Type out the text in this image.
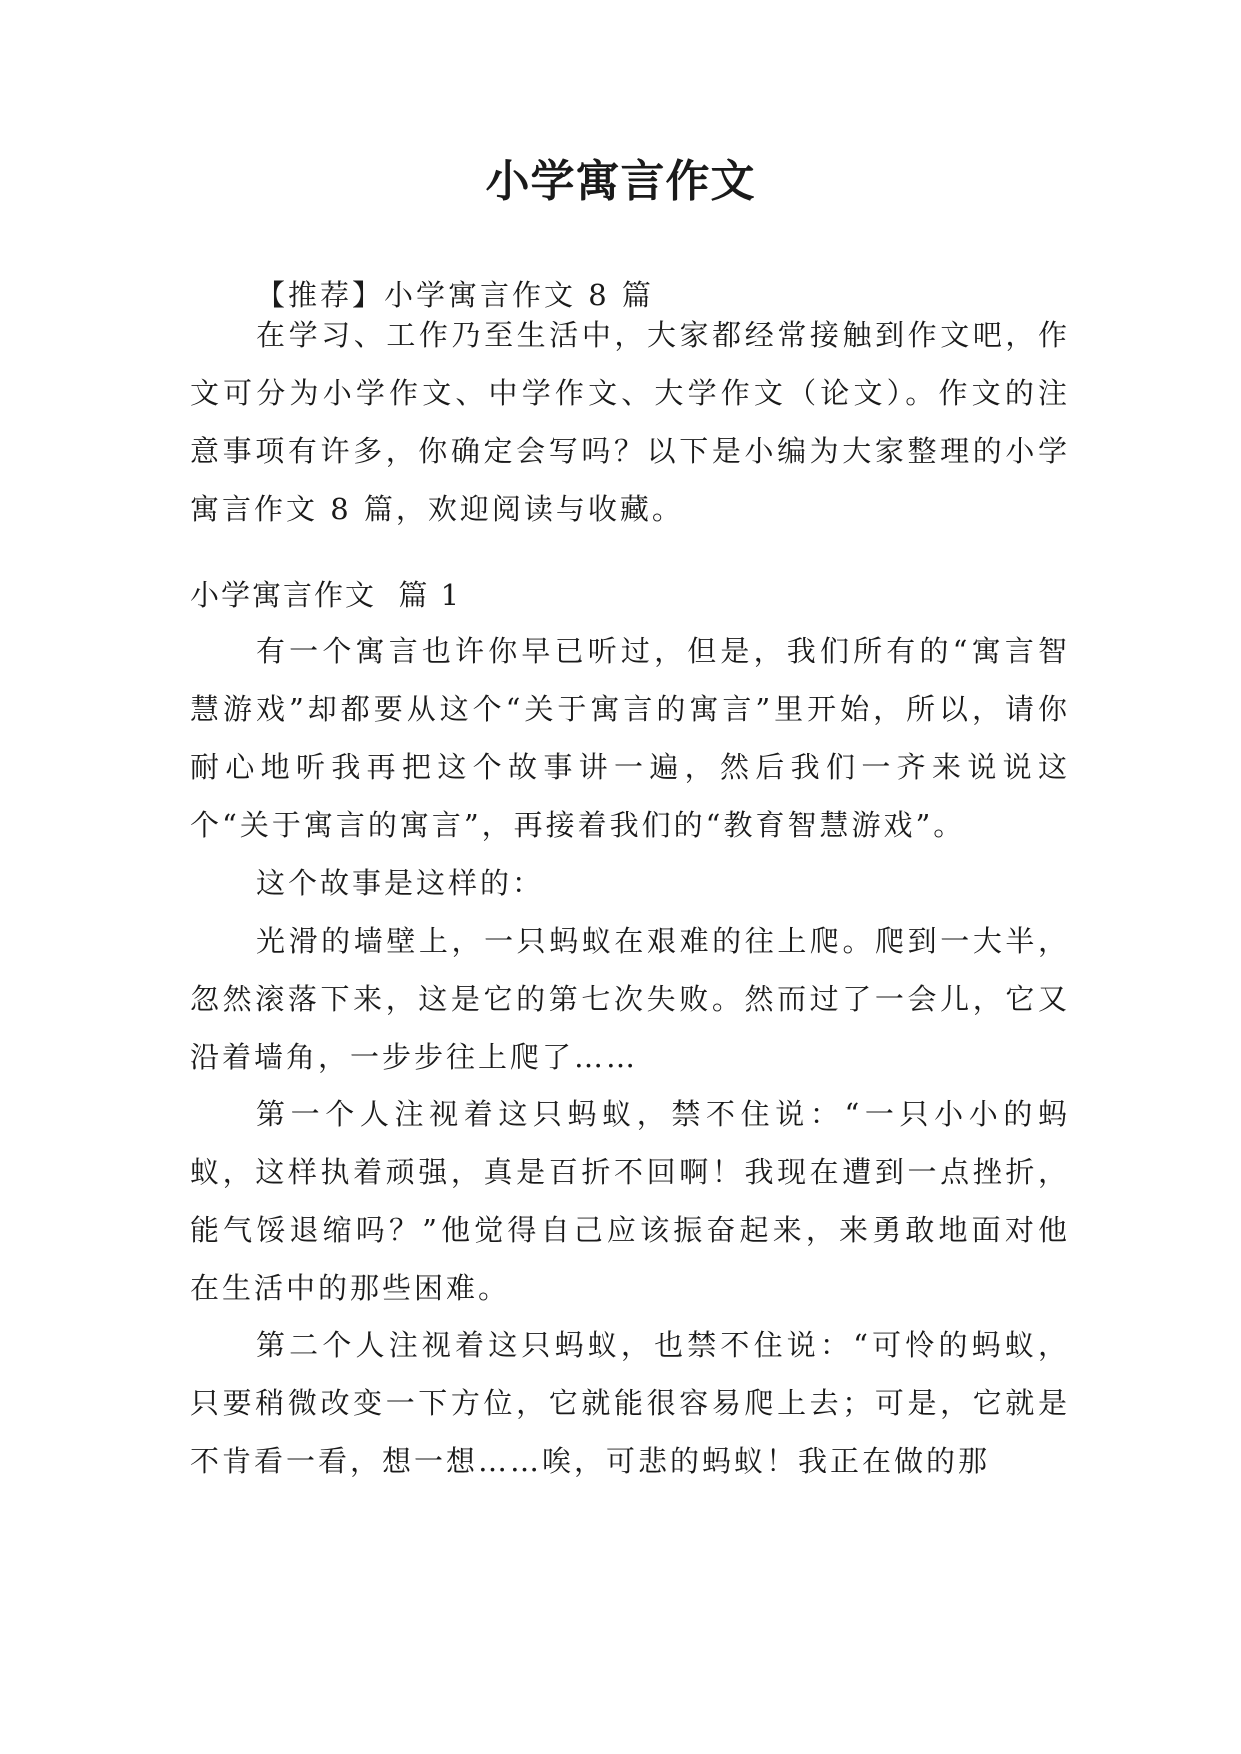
小学寓言作文

【推荐】小学寓言作文 8 篇

在学习、工作乃至生活中，大家都经常接触到作文吧，作文可分为小学作文、中学作文、大学作文（论文）。作文的注意事项有许多，你确定会写吗？以下是小编为大家整理的小学寓言作文 8 篇，欢迎阅读与收藏。

小学寓言作文  篇 1

有一个寓言也许你早已听过，但是，我们所有的“寓言智慧游戏”却都要从这个“关于寓言的寓言”里开始，所以，请你耐心地听我再把这个故事讲一遍，然后我们一齐来说说这个“关于寓言的寓言”，再接着我们的“教育智慧游戏”。

这个故事是这样的：

光滑的墙壁上，一只蚂蚁在艰难的往上爬。爬到一大半，忽然滚落下来，这是它的第七次失败。然而过了一会儿，它又沿着墙角，一步步往上爬了……

第一个人注视着这只蚂蚁，禁不住说：“一只小小的蚂蚁，这样执着顽强，真是百折不回啊！我现在遭到一点挫折，能气馁退缩吗？”他觉得自己应该振奋起来，来勇敢地面对他在生活中的那些困难。

第二个人注视着这只蚂蚁，也禁不住说：“可怜的蚂蚁，只要稍微改变一下方位，它就能很容易爬上去；可是，它就是不肯看一看，想一想……唉，可悲的蚂蚁！我正在做的那
